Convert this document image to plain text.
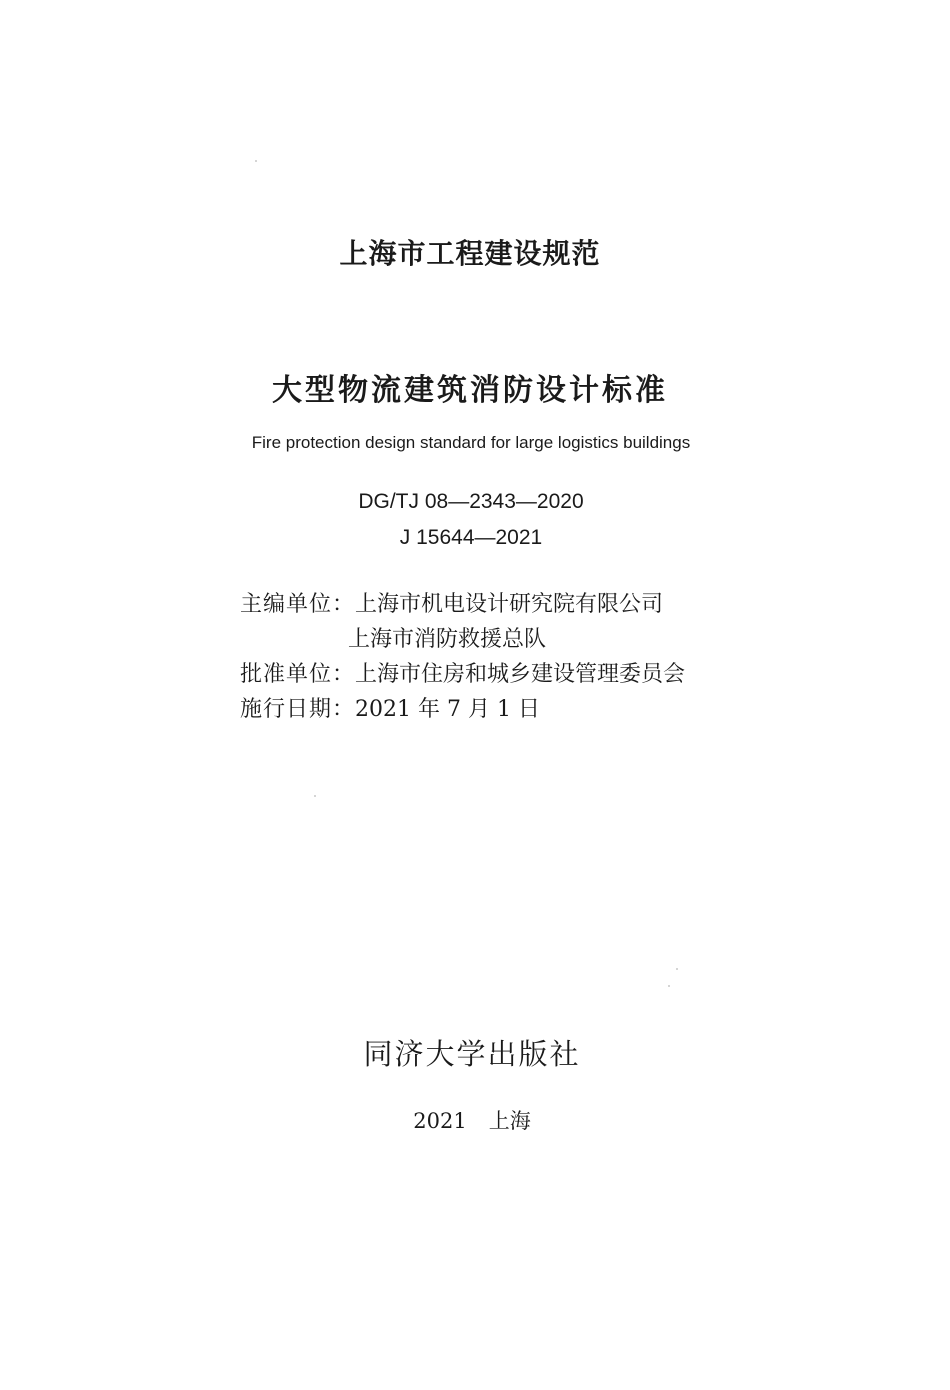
上海市工程建设规范
大型物流建筑消防设计标准
Fire protection design standard for large logistics buildings
DG/TJ 08—2343—2020
J 15644—2021
主编单位：上海市机电设计研究院有限公司
上海市消防救援总队
批准单位：上海市住房和城乡建设管理委员会
施行日期：2021 年 7 月 1 日
同济大学出版社
2021 上海
